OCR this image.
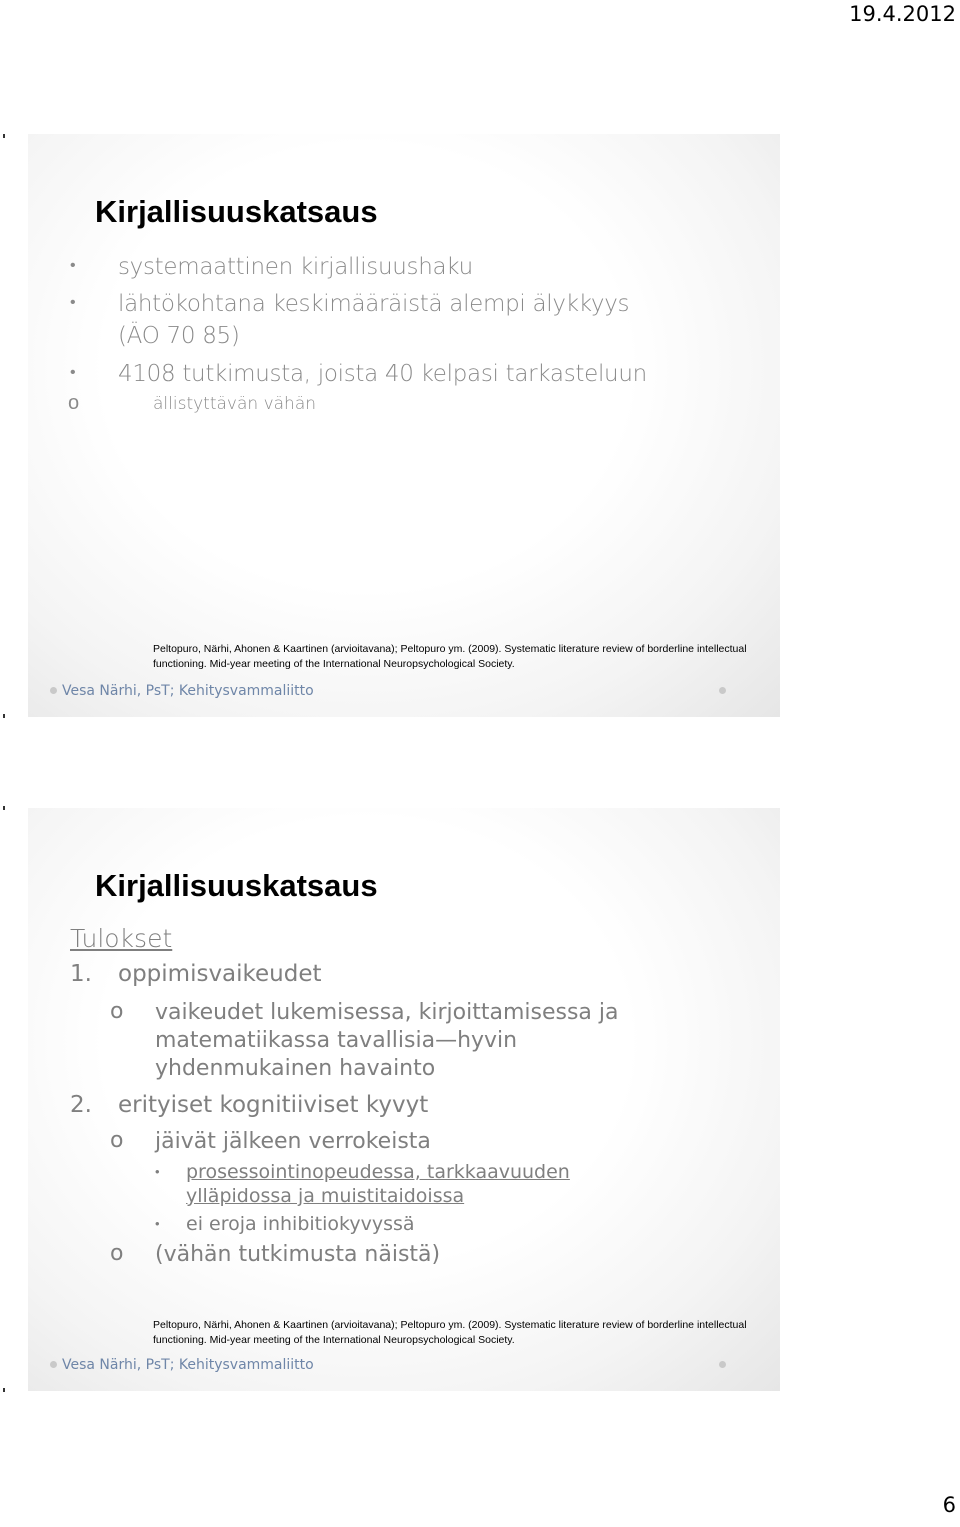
19.4.2012
Kirjallisuuskatsaus
• systemaattinen kirjallisuushaku
• lähtökohtana keskimääräistä alempi älykkyys
(ÄO 70 85)
• 4108 tutkimusta, joista 40 kelpasi tarkasteluun
o	ällistyttävän vähän
Peltopuro, Närhi, Ahonen & Kaartinen (arvioitavana); Peltopuro ym. (2009). Systematic literature review of borderline intellectual
functioning. Mid-year meeting of the International Neuropsychological Society.
Vesa Närhi, PsT; Kehitysvammaliitto
Kirjallisuuskatsaus
Tulokset
1. oppimisvaikeudet
o vaikeudet lukemisessa, kirjoittamisessa ja
matematiikassa tavallisia—hyvin
yhdenmukainen havainto
2. erityiset kognitiiviset kyvyt
o jäivät jälkeen verrokeista
• prosessointinopeudessa, tarkkaavuuden
ylläpidossa ja muistitaidoissa
• ei eroja inhibitiokyvyssä
o (vähän tutkimusta näistä)
Peltopuro, Närhi, Ahonen & Kaartinen (arvioitavana); Peltopuro ym. (2009). Systematic literature review of borderline intellectual
functioning. Mid-year meeting of the International Neuropsychological Society.
Vesa Närhi, PsT; Kehitysvammaliitto
6
